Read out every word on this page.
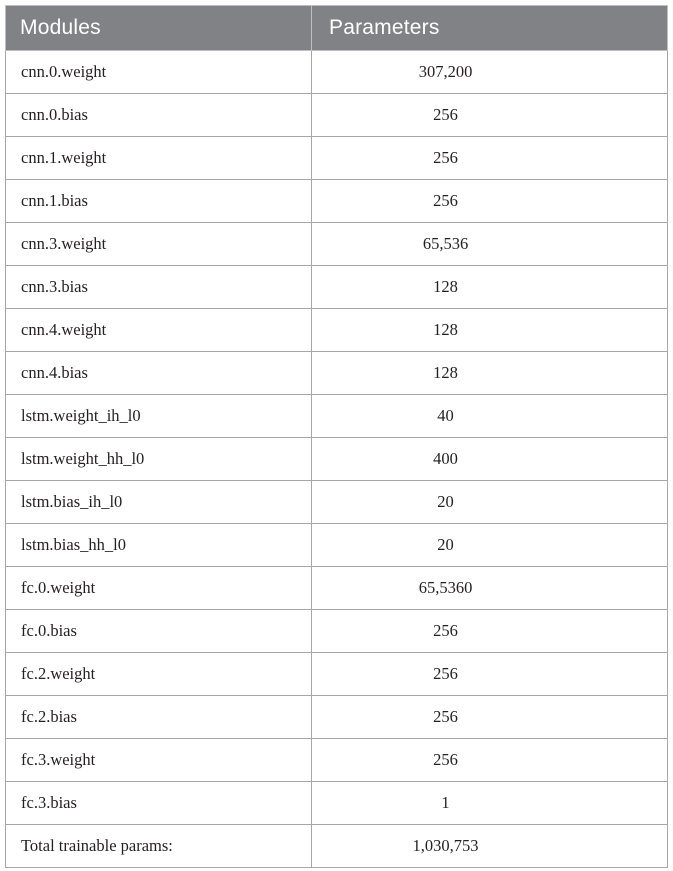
Modules	Parameters
cnn.0.weight	307,200
cnn.0.bias	256
cnn.1.weight	256
cnn.1.bias	256
cnn.3.weight	65,536
cnn.3.bias	128
cnn.4.weight	128
cnn.4.bias	128
lstm.weight_ih_l0	40
lstm.weight_hh_l0	400
lstm.bias_ih_l0	20
lstm.bias_hh_l0	20
fc.0.weight	65,5360
fc.0.bias	256
fc.2.weight	256
fc.2.bias	256
fc.3.weight	256
fc.3.bias	1
Total trainable params:	1,030,753
